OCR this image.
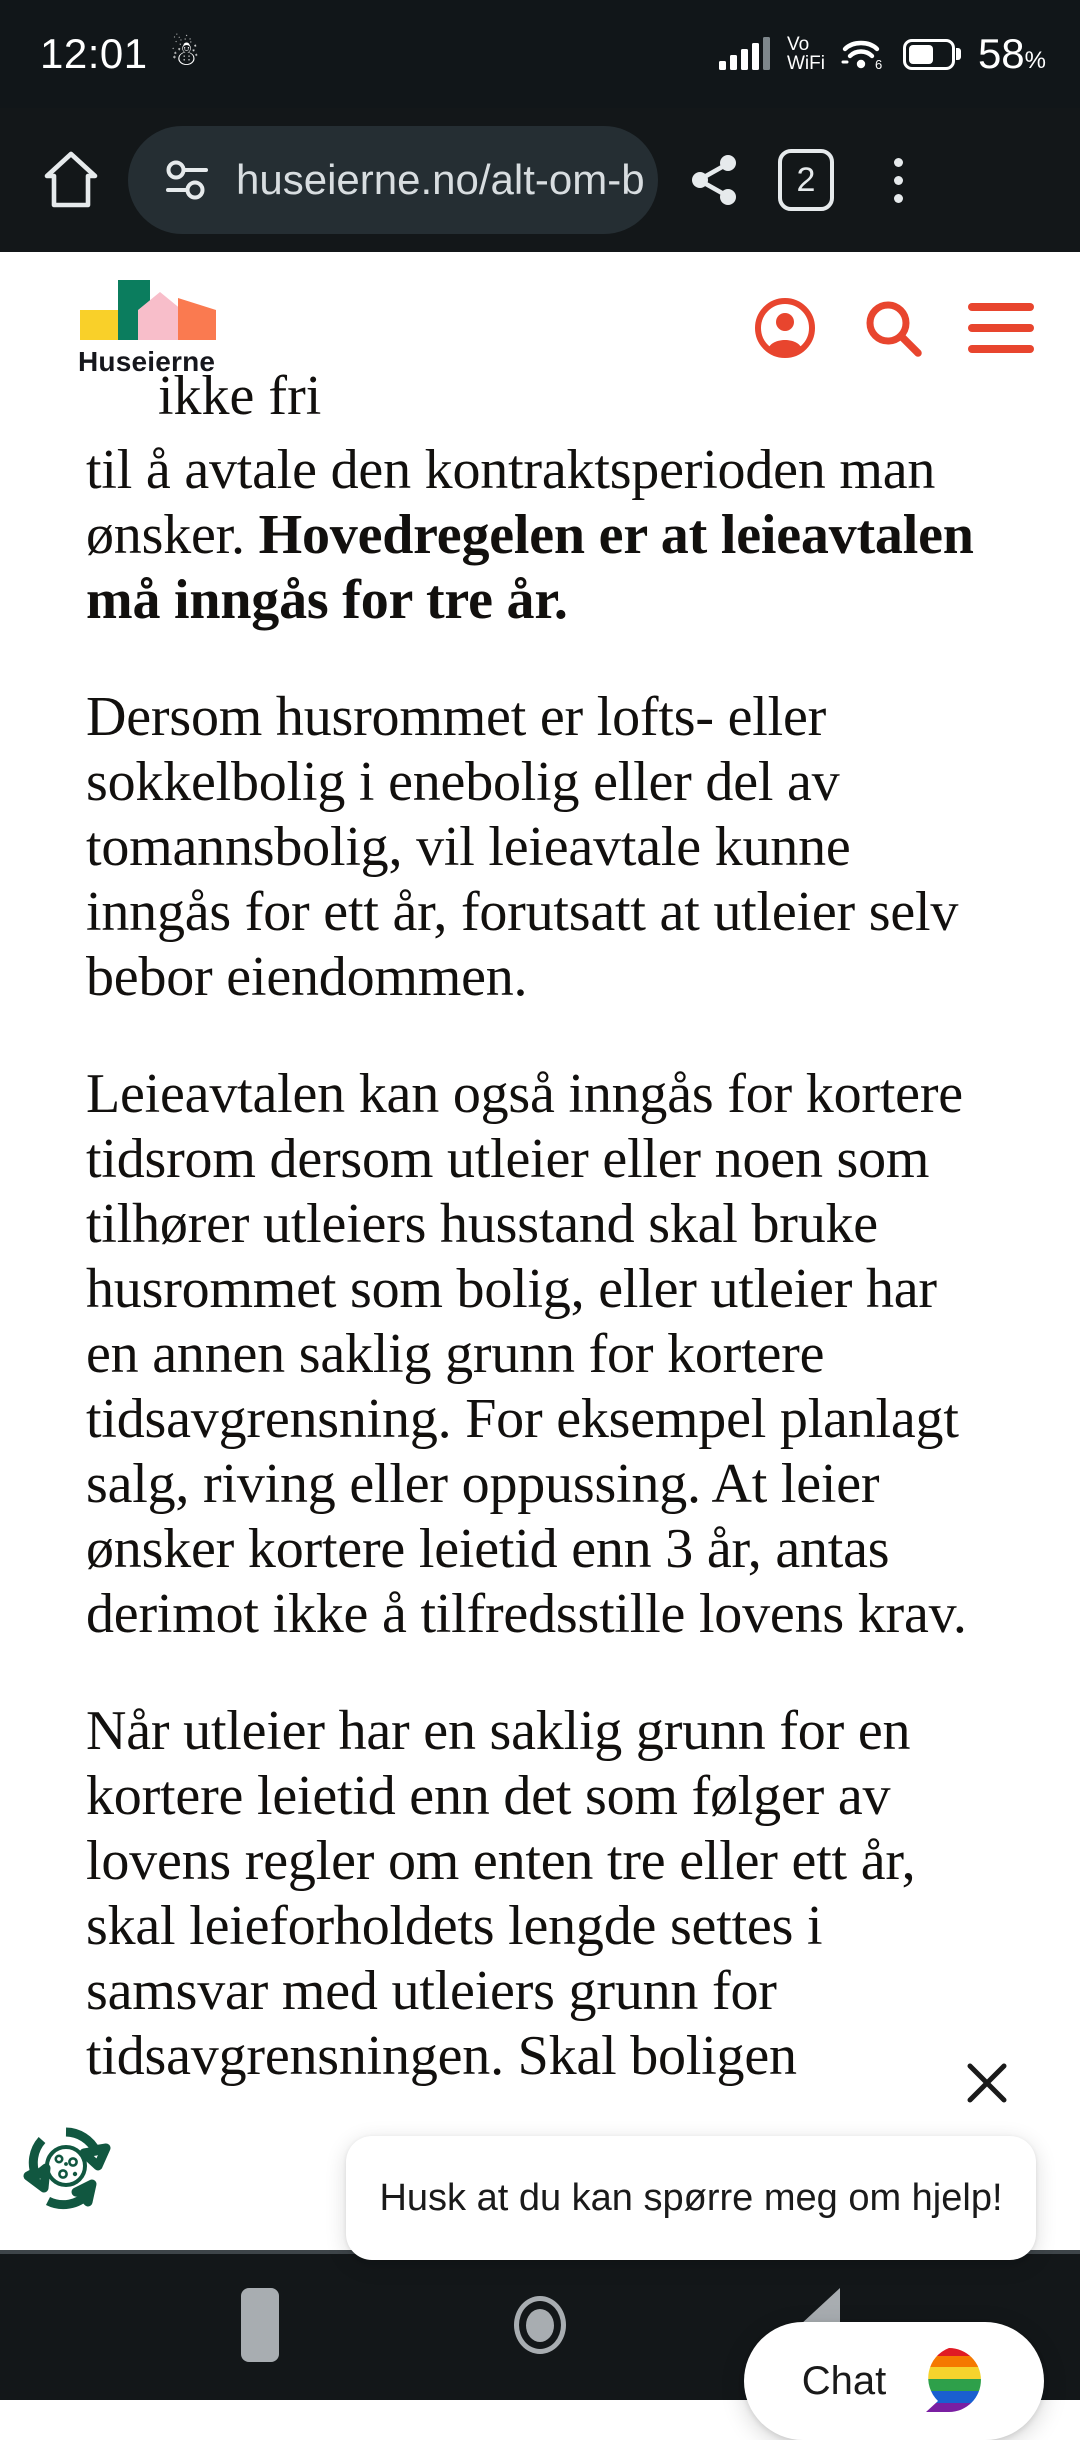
12:01 ☃	Vo
WiFi	6 58%
huseierne.no/alt-om-b	2
Huseierne
ikke fri

til å avtale den kontraktsperioden man ønsker. Hovedregelen er at leieavtalen må inngås for tre år.

Dersom husrommet er lofts- eller sokkelbolig i enebolig eller del av tomannsbolig, vil leieavtale kunne inngås for ett år, forutsatt at utleier selv bebor eiendommen.

Leieavtalen kan også inngås for kortere tidsrom dersom utleier eller noen som tilhører utleiers husstand skal bruke husrommet som bolig, eller utleier har en annen saklig grunn for kortere tidsavgrensning. For eksempel planlagt salg, riving eller oppussing. At leier ønsker kortere leietid enn 3 år, antas derimot ikke å tilfredsstille lovens krav.

Når utleier har en saklig grunn for en kortere leietid enn det som følger av lovens regler om enten tre eller ett år, skal leieforholdets lengde settes i samsvar med utleiers grunn for tidsavgrensningen. Skal boligen

Husk at du kan spørre meg om hjelp!
Chat
